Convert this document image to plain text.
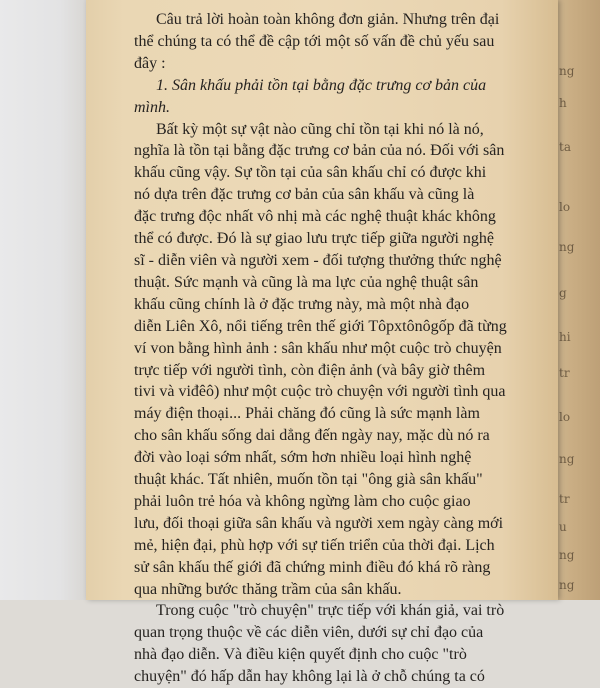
ng
h
ta
lo
ng
g
hi
tr
lo
ng
tr
u
ng
ng
Câu trả lời hoàn toàn không đơn giản. Nhưng trên đại
thể chúng ta có thể đề cập tới một số vấn đề chủ yếu sau
đây :
1. Sân khấu phải tồn tại bằng đặc trưng cơ bản của
mình.
Bất kỳ một sự vật nào cũng chỉ tồn tại khi nó là nó,
nghĩa là tồn tại bằng đặc trưng cơ bản của nó. Đối với sân
khấu cũng vậy. Sự tồn tại của sân khấu chỉ có được khi
nó dựa trên đặc trưng cơ bản của sân khấu và cũng là
đặc trưng độc nhất vô nhị mà các nghệ thuật khác không
thể có được. Đó là sự giao lưu trực tiếp giữa người nghệ
sĩ - diễn viên và người xem - đối tượng thưởng thức nghệ
thuật. Sức mạnh và cũng là ma lực của nghệ thuật sân
khấu cũng chính là ở đặc trưng này, mà một nhà đạo
diễn Liên Xô, nổi tiếng trên thế giới Tôpxtônôgốp đã từng
ví von bằng hình ảnh : sân khấu như một cuộc trò chuyện
trực tiếp với người tình, còn điện ảnh (và bây giờ thêm
tivi và viđêô) như một cuộc trò chuyện với người tình qua
máy điện thoại... Phải chăng đó cũng là sức mạnh làm
cho sân khấu sống dai dẳng đến ngày nay, mặc dù nó ra
đời vào loại sớm nhất, sớm hơn nhiều loại hình nghệ
thuật khác. Tất nhiên, muốn tồn tại "ông già sân khấu"
phải luôn trẻ hóa và không ngừng làm cho cuộc giao
lưu, đối thoại giữa sân khấu và người xem ngày càng mới
mẻ, hiện đại, phù hợp với sự tiến triển của thời đại. Lịch
sử sân khấu thế giới đã chứng minh điều đó khá rõ ràng
qua những bước thăng trầm của sân khấu.
Trong cuộc "trò chuyện" trực tiếp với khán giả, vai trò
quan trọng thuộc về các diễn viên, dưới sự chỉ đạo của
nhà đạo diễn. Và điều kiện quyết định cho cuộc "trò
chuyện" đó hấp dẫn hay không lại là ở chỗ chúng ta có
